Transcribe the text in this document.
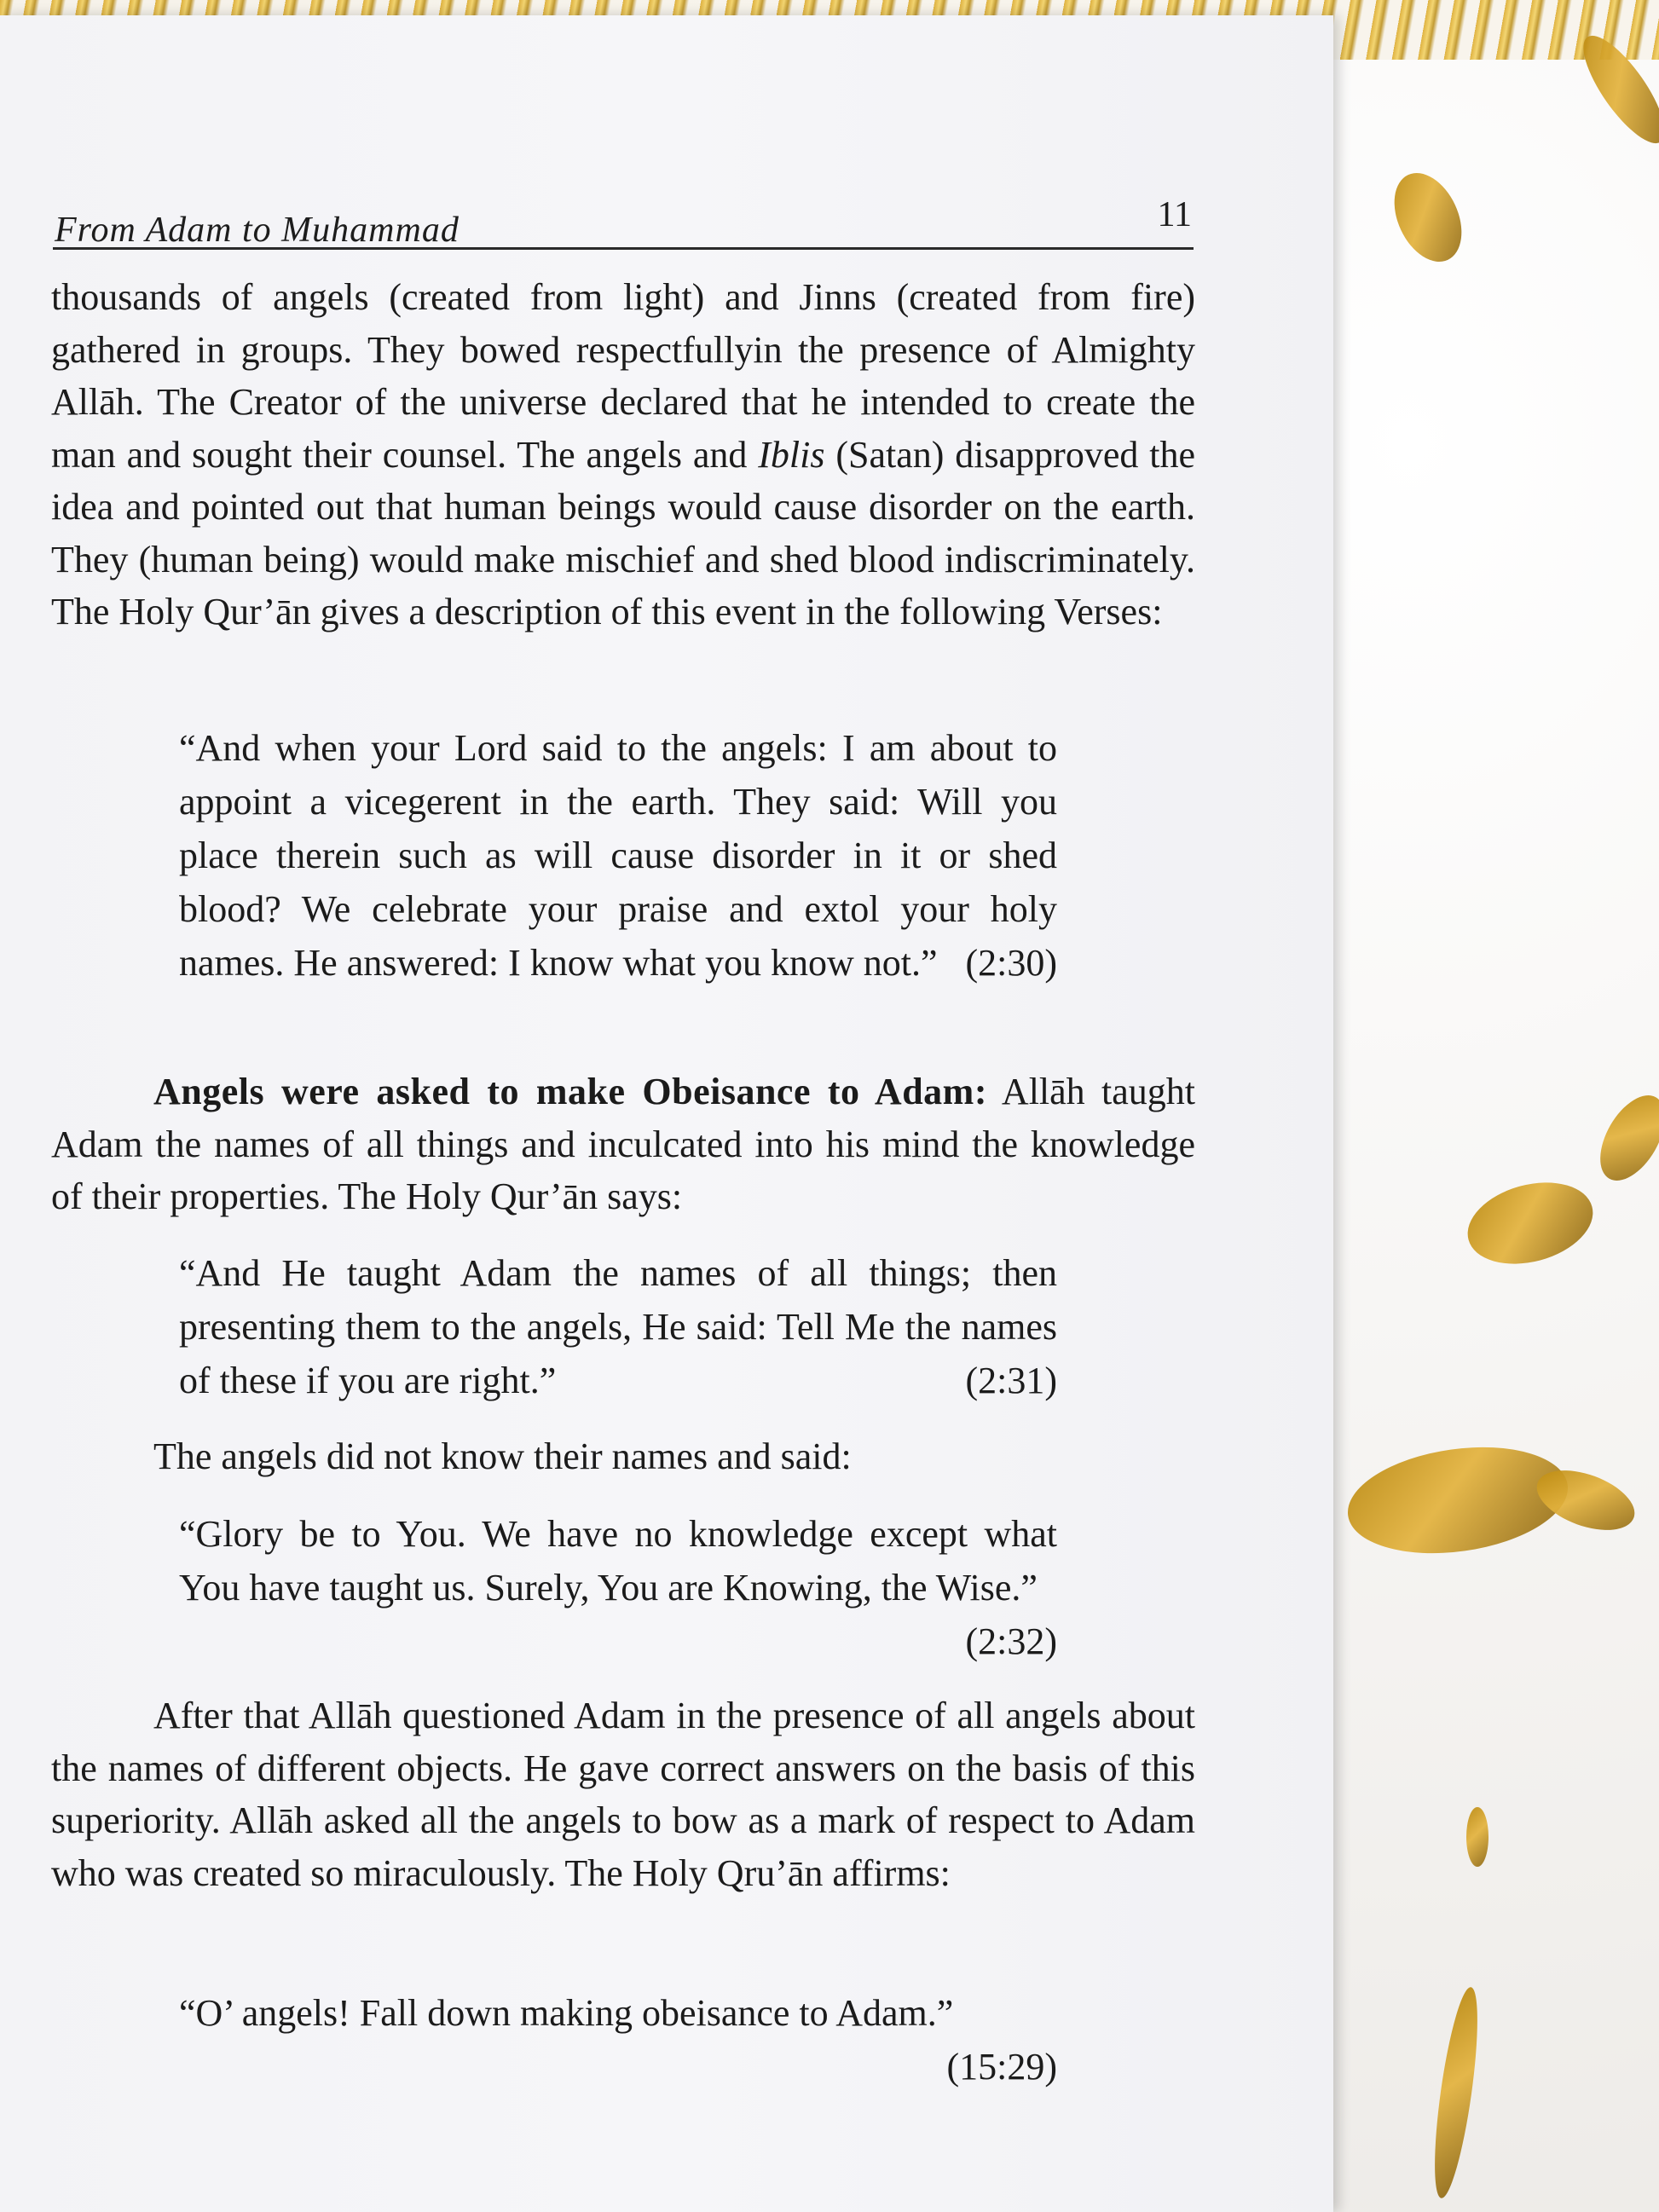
From Adam to Muhammad	11

thousands of angels (created from light) and Jinns (created from fire) gathered in groups. They bowed respectfullyin the presence of Almighty Allāh. The Creator of the universe declared that he intended to create the man and sought their counsel. The angels and Iblis (Satan) disapproved the idea and pointed out that human beings would cause disorder on the earth. They (human being) would make mischief and shed blood indiscriminately. The Holy Qur’ān gives a description of this event in the following Verses:

“And when your Lord said to the angels: I am about to appoint a vicegerent in the earth. They said: Will you place therein such as will cause disorder in it or shed blood? We celebrate your praise and extol your holy names. He answered: I know what you know not.” (2:30)

Angels were asked to make Obeisance to Adam: Allāh taught Adam the names of all things and inculcated into his mind the knowledge of their properties. The Holy Qur’ān says:

“And He taught Adam the names of all things; then presenting them to the angels, He said: Tell Me the names of these if you are right.”	(2:31)

The angels did not know their names and said:

“Glory be to You. We have no knowledge except what You have taught us. Surely, You are Knowing, the Wise.”
(2:32)

After that Allāh questioned Adam in the presence of all angels about the names of different objects. He gave correct answers on the basis of this superiority. Allāh asked all the angels to bow as a mark of respect to Adam who was created so miraculously. The Holy Qru’ān affirms:

“O’ angels! Fall down making obeisance to Adam.”
(15:29)
